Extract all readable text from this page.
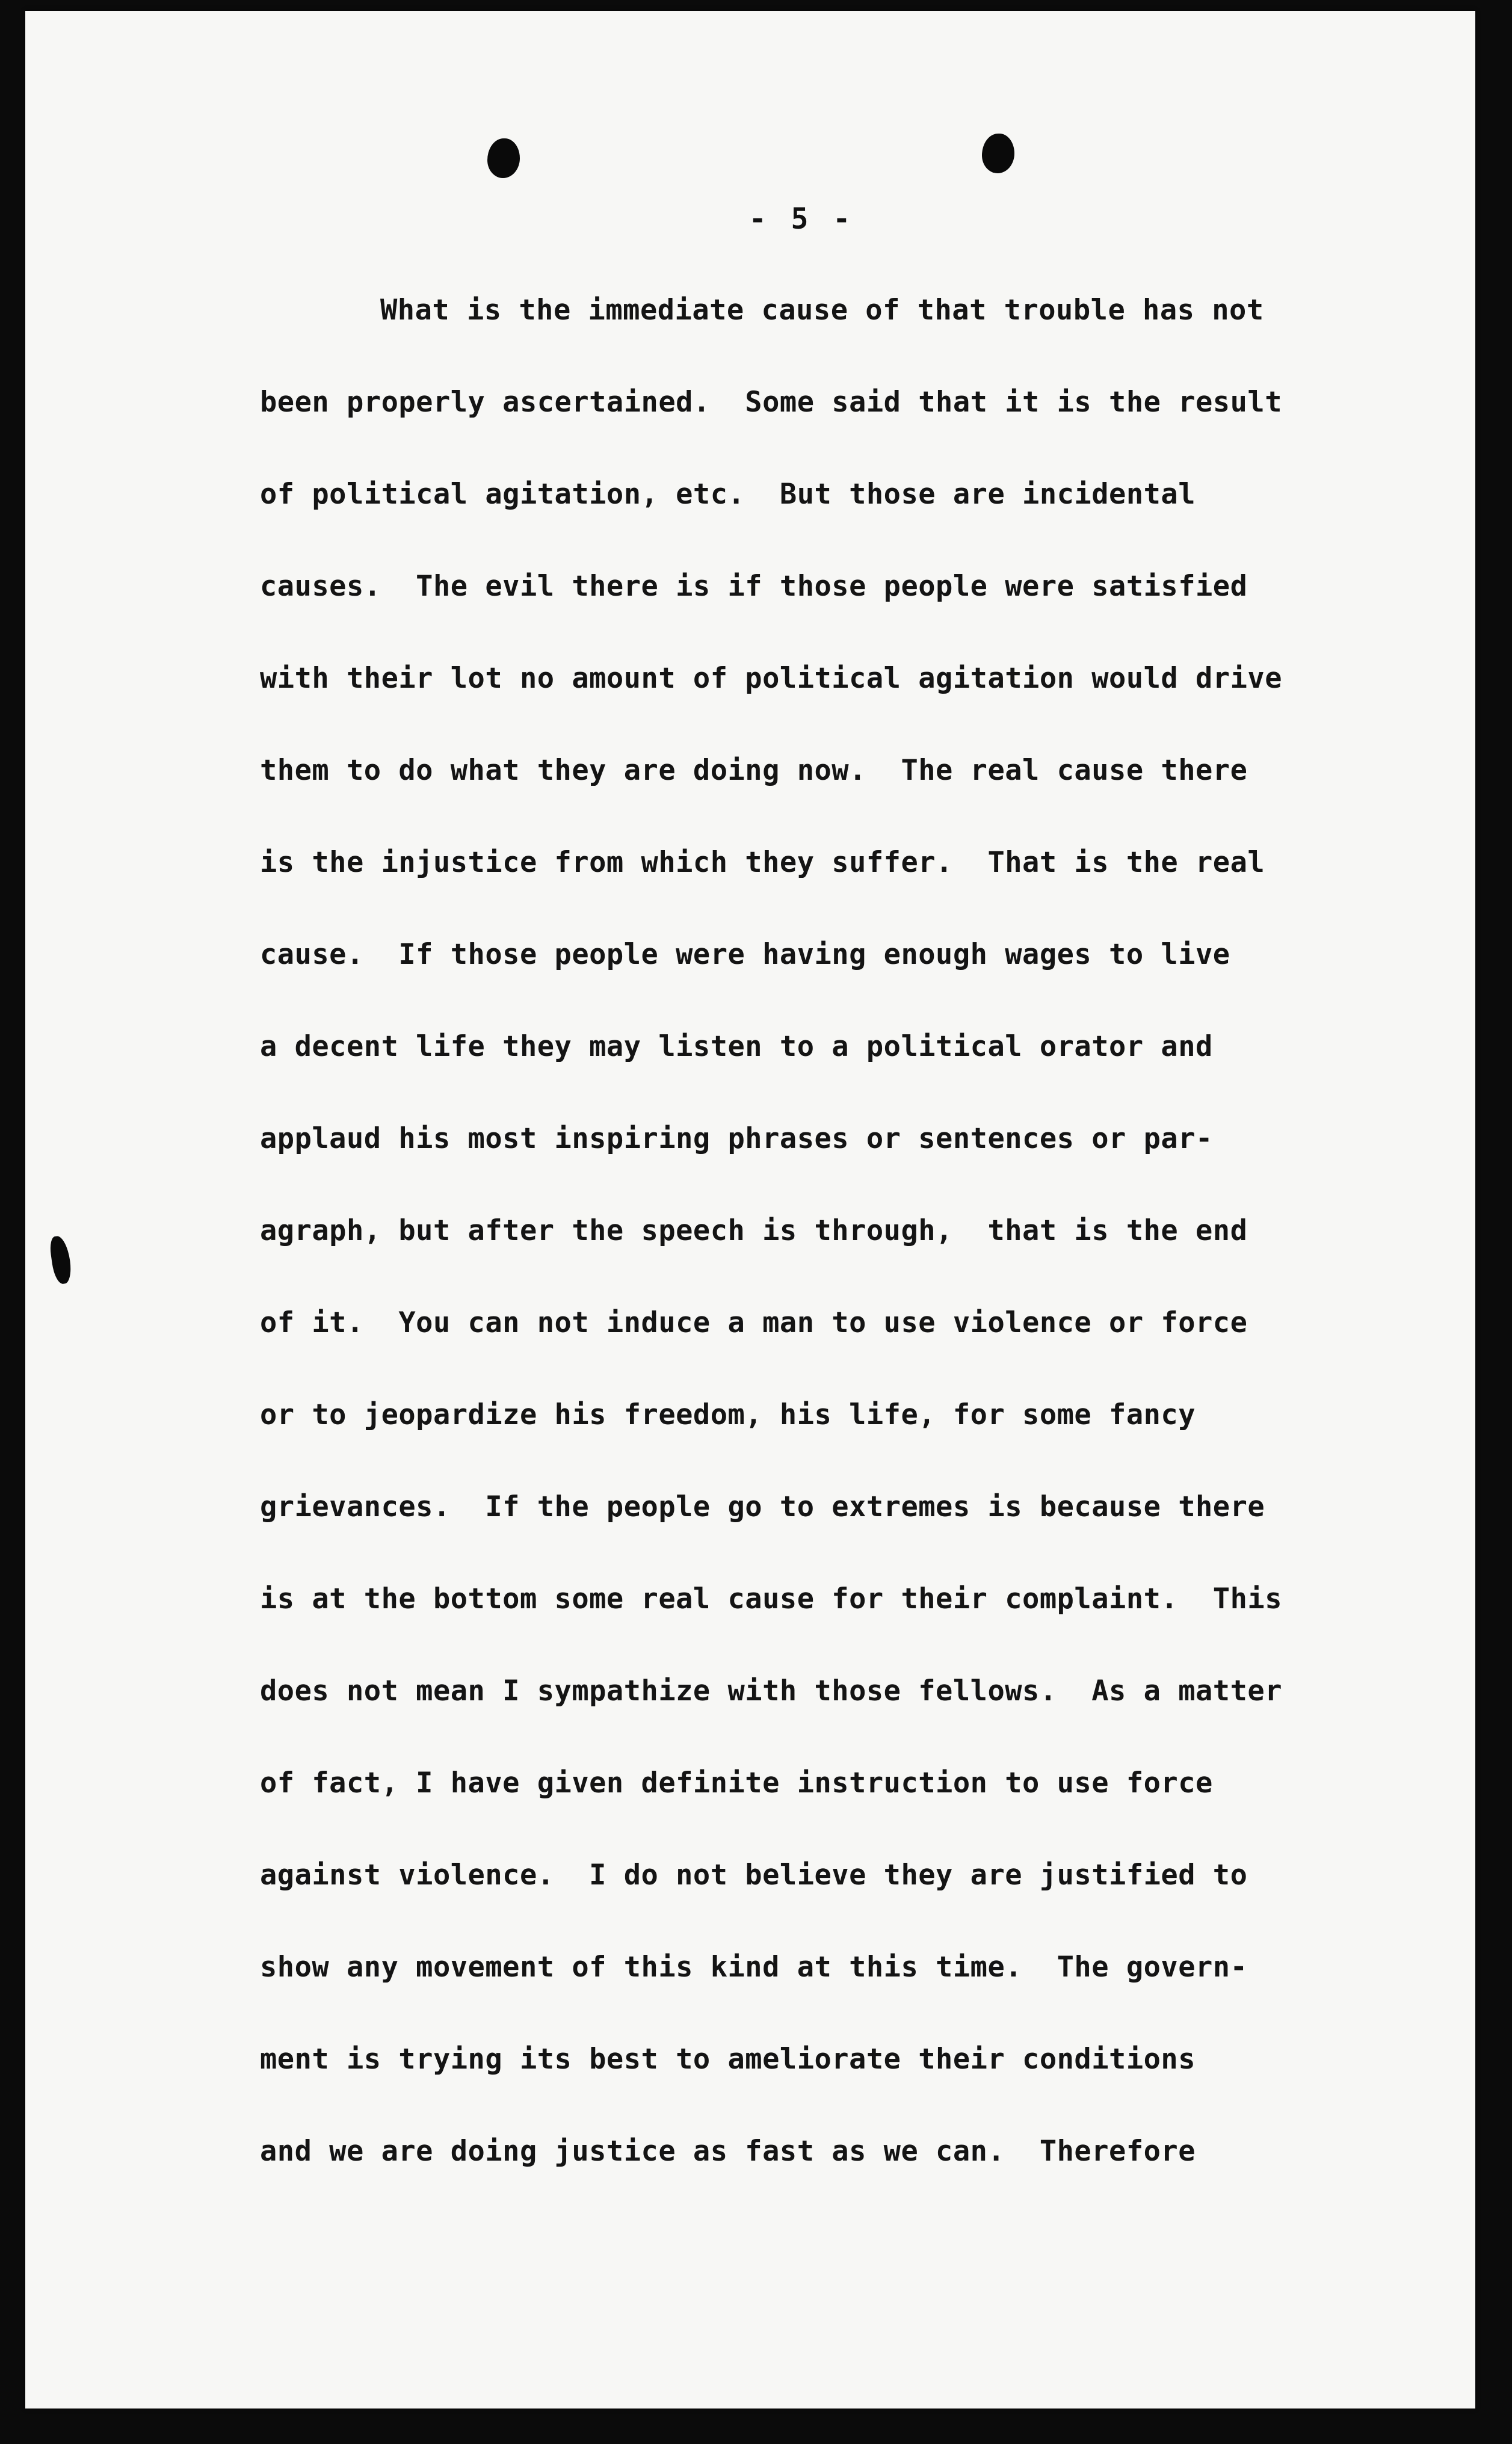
- 5 -
What is the immediate cause of that trouble has not
been properly ascertained.  Some said that it is the result
of political agitation, etc.  But those are incidental
causes.  The evil there is if those people were satisfied
with their lot no amount of political agitation would drive
them to do what they are doing now.  The real cause there
is the injustice from which they suffer.  That is the real
cause.  If those people were having enough wages to live
a decent life they may listen to a political orator and
applaud his most inspiring phrases or sentences or par-
agraph, but after the speech is through,  that is the end
of it.  You can not induce a man to use violence or force
or to jeopardize his freedom, his life, for some fancy
grievances.  If the people go to extremes is because there
is at the bottom some real cause for their complaint.  This
does not mean I sympathize with those fellows.  As a matter
of fact, I have given definite instruction to use force
against violence.  I do not believe they are justified to
show any movement of this kind at this time.  The govern-
ment is trying its best to ameliorate their conditions
and we are doing justice as fast as we can.  Therefore
